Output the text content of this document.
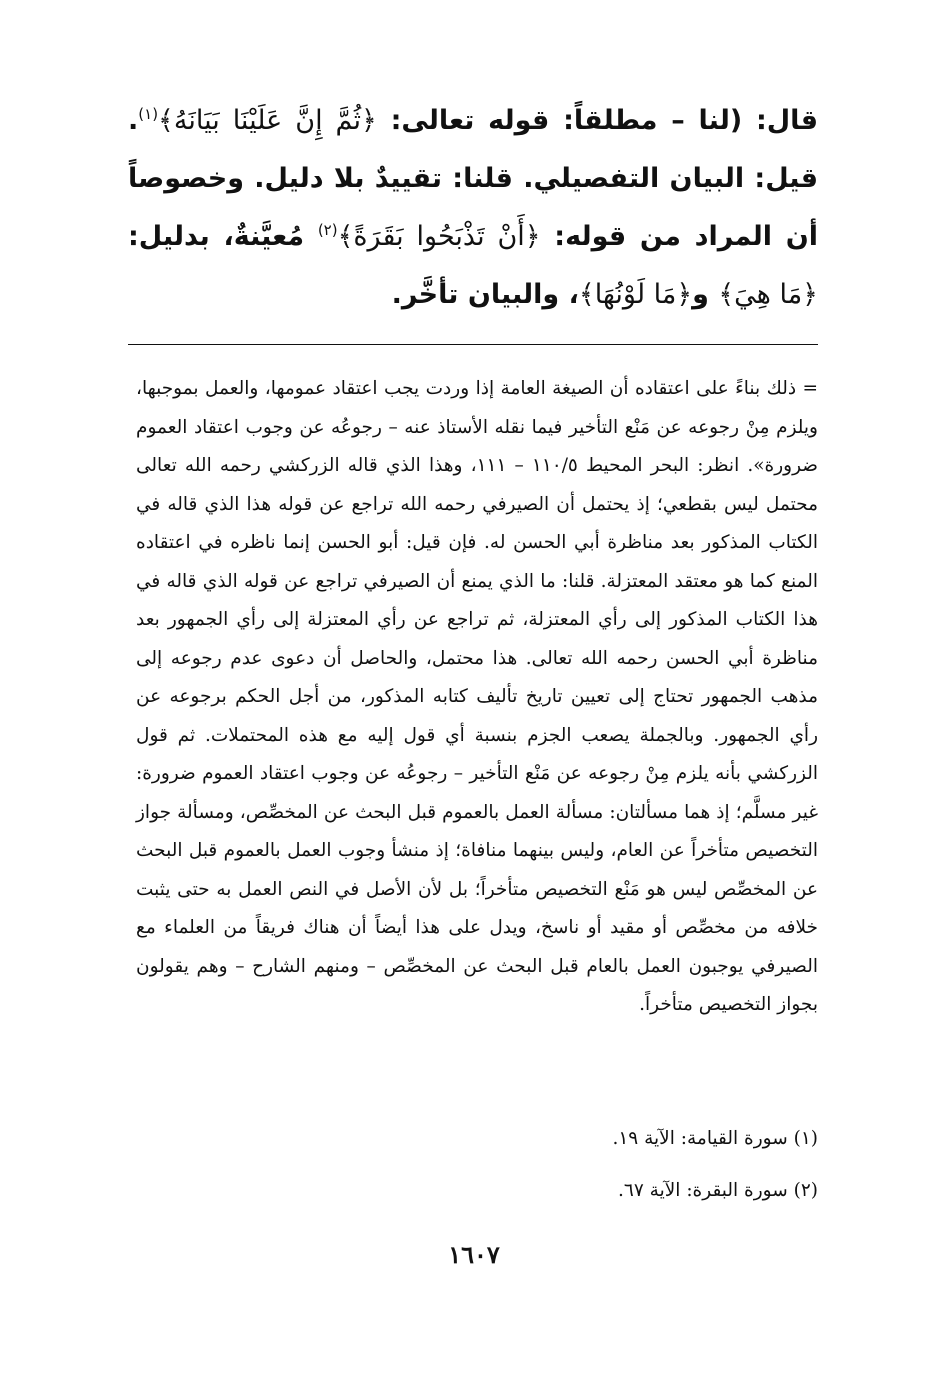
قال: (لنا – مطلقاً: قوله تعالى: ﴿ثُمَّ إِنَّ عَلَيْنَا بَيَانَهُ﴾$^{(١)}$. قيل: البيان التفصيلي. قلنا: تقييدٌ بلا دليل. وخصوصاً أن المراد من قوله: ﴿أَنْ تَذْبَحُوا بَقَرَةً﴾$^{(٢)}$ مُعيَّنةٌ، بدليل: ﴿مَا هِيَ﴾ و﴿مَا لَوْنُهَا﴾، والبيان تأخَّر.

= ذلك بناءً على اعتقاده أن الصيغة العامة إذا وردت يجب اعتقاد عمومها، والعمل بموجبها، ويلزم مِنْ رجوعه عن مَنْع التأخير فيما نقله الأستاذ عنه – رجوعُه عن وجوب اعتقاد العموم ضرورة». انظر: البحر المحيط ١١٠/٥ – ١١١، وهذا الذي قاله الزركشي رحمه الله تعالى محتمل ليس بقطعي؛ إذ يحتمل أن الصيرفي رحمه الله تراجع عن قوله هذا الذي قاله في الكتاب المذكور بعد مناظرة أبي الحسن له. فإن قيل: أبو الحسن إنما ناظره في اعتقاده المنع كما هو معتقد المعتزلة. قلنا: ما الذي يمنع أن الصيرفي تراجع عن قوله الذي قاله في هذا الكتاب المذكور إلى رأي المعتزلة، ثم تراجع عن رأي المعتزلة إلى رأي الجمهور بعد مناظرة أبي الحسن رحمه الله تعالى. هذا محتمل، والحاصل أن دعوى عدم رجوعه إلى مذهب الجمهور تحتاج إلى تعيين تاريخ تأليف كتابه المذكور، من أجل الحكم برجوعه عن رأي الجمهور. وبالجملة يصعب الجزم بنسبة أي قول إليه مع هذه المحتملات. ثم قول الزركشي بأنه يلزم مِنْ رجوعه عن مَنْع التأخير – رجوعُه عن وجوب اعتقاد العموم ضرورة: غير مسلَّم؛ إذ هما مسألتان: مسألة العمل بالعموم قبل البحث عن المخصِّص، ومسألة جواز التخصيص متأخراً عن العام، وليس بينهما منافاة؛ إذ منشأ وجوب العمل بالعموم قبل البحث عن المخصِّص ليس هو مَنْع التخصيص متأخراً؛ بل لأن الأصل في النص العمل به حتى يثبت خلافه من مخصِّص أو مقيد أو ناسخ، ويدل على هذا أيضاً أن هناك فريقاً من العلماء مع الصيرفي يوجبون العمل بالعام قبل البحث عن المخصِّص – ومنهم الشارح – وهم يقولون بجواز التخصيص متأخراً.

(١) سورة القيامة: الآية ١٩.

(٢) سورة البقرة: الآية ٦٧.

١٦٠٧
